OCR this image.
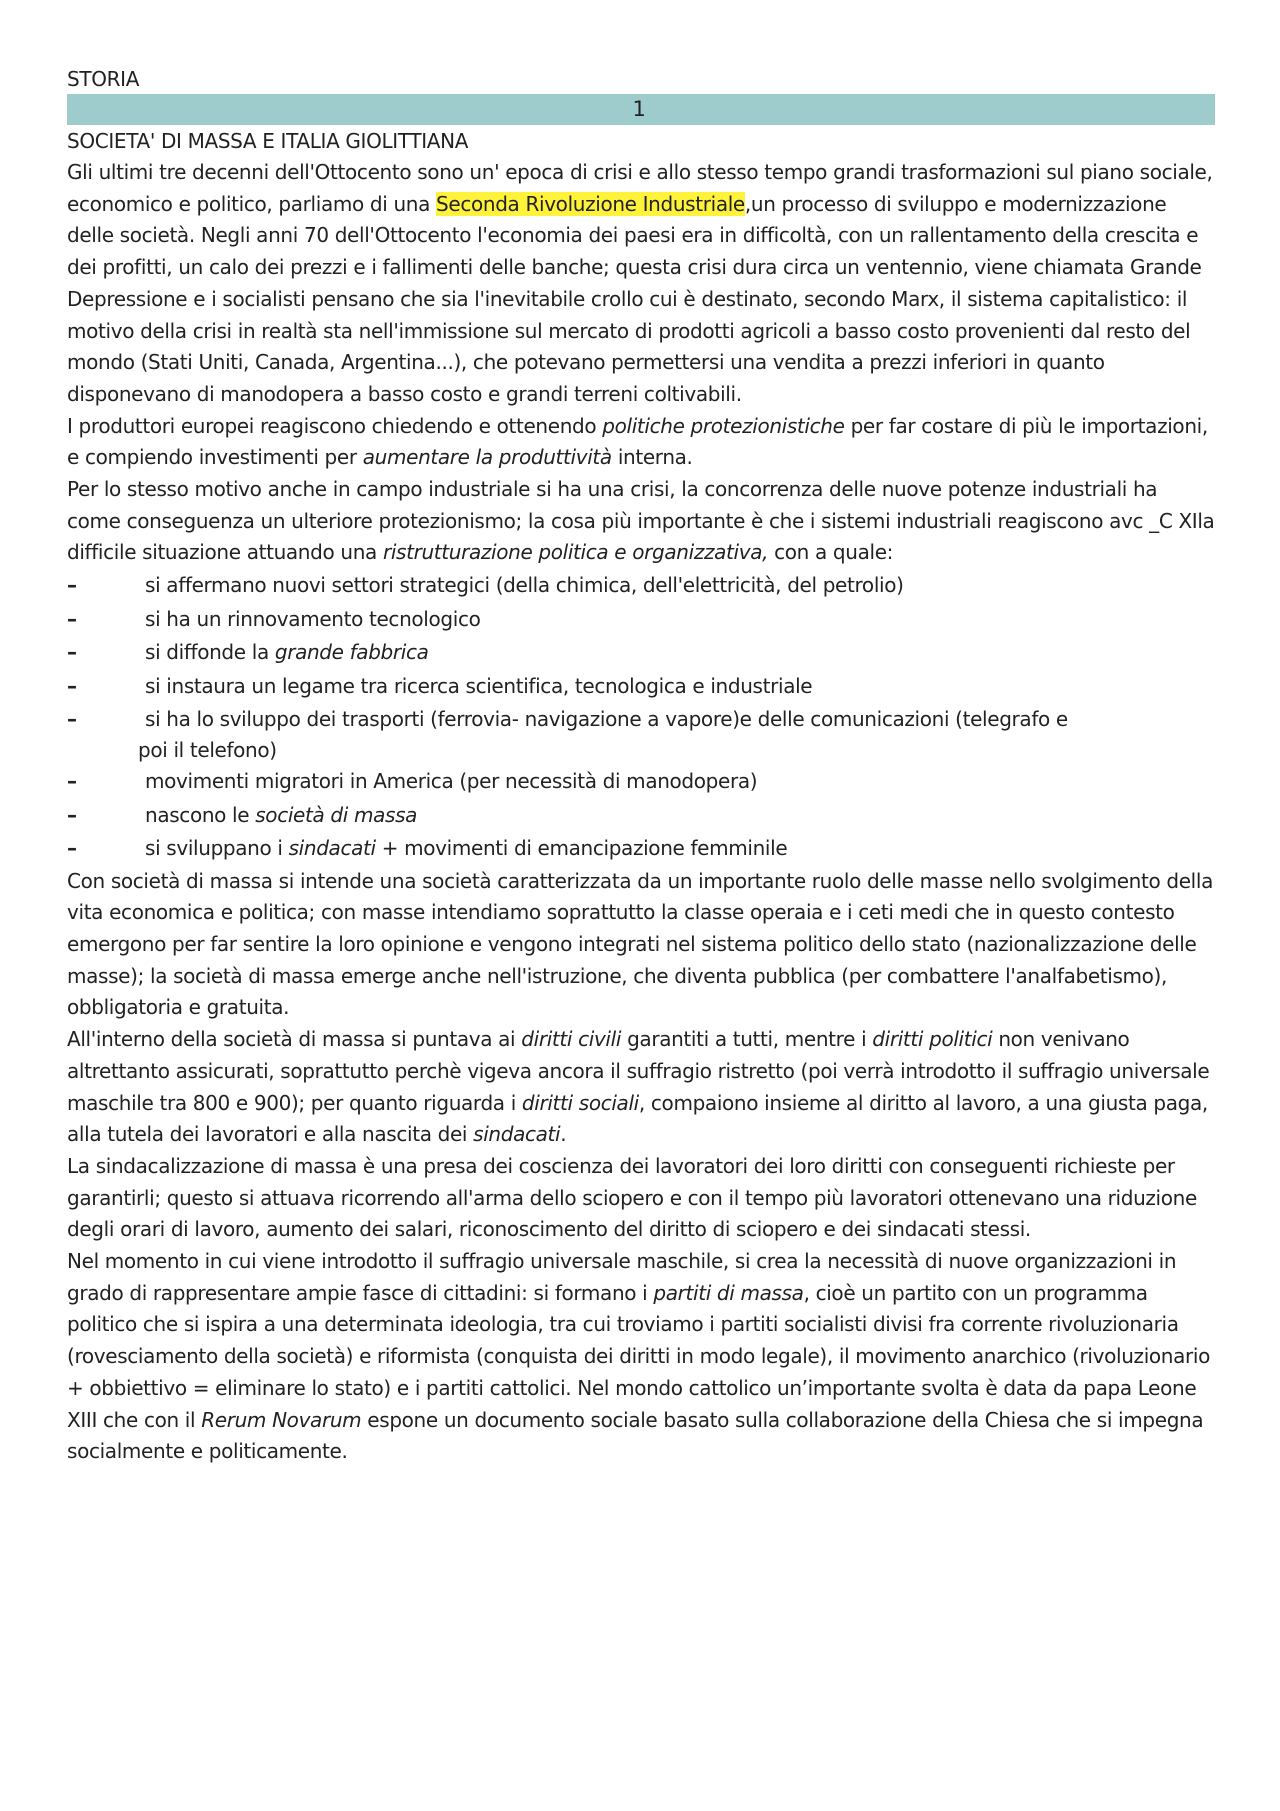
STORIA
1
SOCIETA' DI MASSA E ITALIA GIOLITTIANA

Gli ultimi tre decenni dell'Ottocento sono un' epoca di crisi e allo stesso tempo grandi trasformazioni sul piano sociale, economico e politico, parliamo di una Seconda Rivoluzione Industriale,un processo di sviluppo e modernizzazione delle società. Negli anni 70 dell'Ottocento l'economia dei paesi era in difficoltà, con un rallentamento della crescita e dei profitti, un calo dei prezzi e i fallimenti delle banche; questa crisi dura circa un ventennio, viene chiamata Grande Depressione e i socialisti pensano che sia l'inevitabile crollo cui è destinato, secondo Marx, il sistema capitalistico: il motivo della crisi in realtà sta nell'immissione sul mercato di prodotti agricoli a basso costo provenienti dal resto del mondo (Stati Uniti, Canada, Argentina...), che potevano permettersi una vendita a prezzi inferiori in quanto disponevano di manodopera a basso costo e grandi terreni coltivabili.

I produttori europei reagiscono chiedendo e ottenendo politiche protezionistiche per far costare di più le importazioni, e compiendo investimenti per aumentare la produttività interna.

Per lo stesso motivo anche in campo industriale si ha una crisi, la concorrenza delle nuove potenze industriali ha come conseguenza un ulteriore protezionismo; la cosa più importante è che i sistemi industriali reagiscono avc _C XIla difficile situazione attuando una ristrutturazione politica e organizzativa, con a quale:

– si affermano nuovi settori strategici (della chimica, dell'elettricità, del petrolio)
– si ha un rinnovamento tecnologico
– si diffonde la grande fabbrica
– si instaura un legame tra ricerca scientifica, tecnologica e industriale
– si ha lo sviluppo dei trasporti (ferrovia- navigazione a vapore)e delle comunicazioni (telegrafo e
poi il telefono)
– movimenti migratori in America (per necessità di manodopera)
– nascono le società di massa
– si sviluppano i sindacati + movimenti di emancipazione femminile

Con società di massa si intende una società caratterizzata da un importante ruolo delle masse nello svolgimento della vita economica e politica; con masse intendiamo soprattutto la classe operaia e i ceti medi che in questo contesto emergono per far sentire la loro opinione e vengono integrati nel sistema politico dello stato (nazionalizzazione delle masse); la società di massa emerge anche nell'istruzione, che diventa pubblica (per combattere l'analfabetismo), obbligatoria e gratuita.

All'interno della società di massa si puntava ai diritti civili garantiti a tutti, mentre i diritti politici non venivano altrettanto assicurati, soprattutto perchè vigeva ancora il suffragio ristretto (poi verrà introdotto il suffragio universale maschile tra 800 e 900); per quanto riguarda i diritti sociali, compaiono insieme al diritto al lavoro, a una giusta paga, alla tutela dei lavoratori e alla nascita dei sindacati.

La sindacalizzazione di massa è una presa dei coscienza dei lavoratori dei loro diritti con conseguenti richieste per garantirli; questo si attuava ricorrendo all'arma dello sciopero e con il tempo più lavoratori ottenevano una riduzione degli orari di lavoro, aumento dei salari, riconoscimento del diritto di sciopero e dei sindacati stessi.

Nel momento in cui viene introdotto il suffragio universale maschile, si crea la necessità di nuove organizzazioni in grado di rappresentare ampie fasce di cittadini: si formano i partiti di massa, cioè un partito con un programma politico che si ispira a una determinata ideologia, tra cui troviamo i partiti socialisti divisi fra corrente rivoluzionaria (rovesciamento della società) e riformista (conquista dei diritti in modo legale), il movimento anarchico (rivoluzionario + obbiettivo = eliminare lo stato) e i partiti cattolici. Nel mondo cattolico un’importante svolta è data da papa Leone XIII che con il Rerum Novarum espone un documento sociale basato sulla collaborazione della Chiesa che si impegna socialmente e politicamente.
